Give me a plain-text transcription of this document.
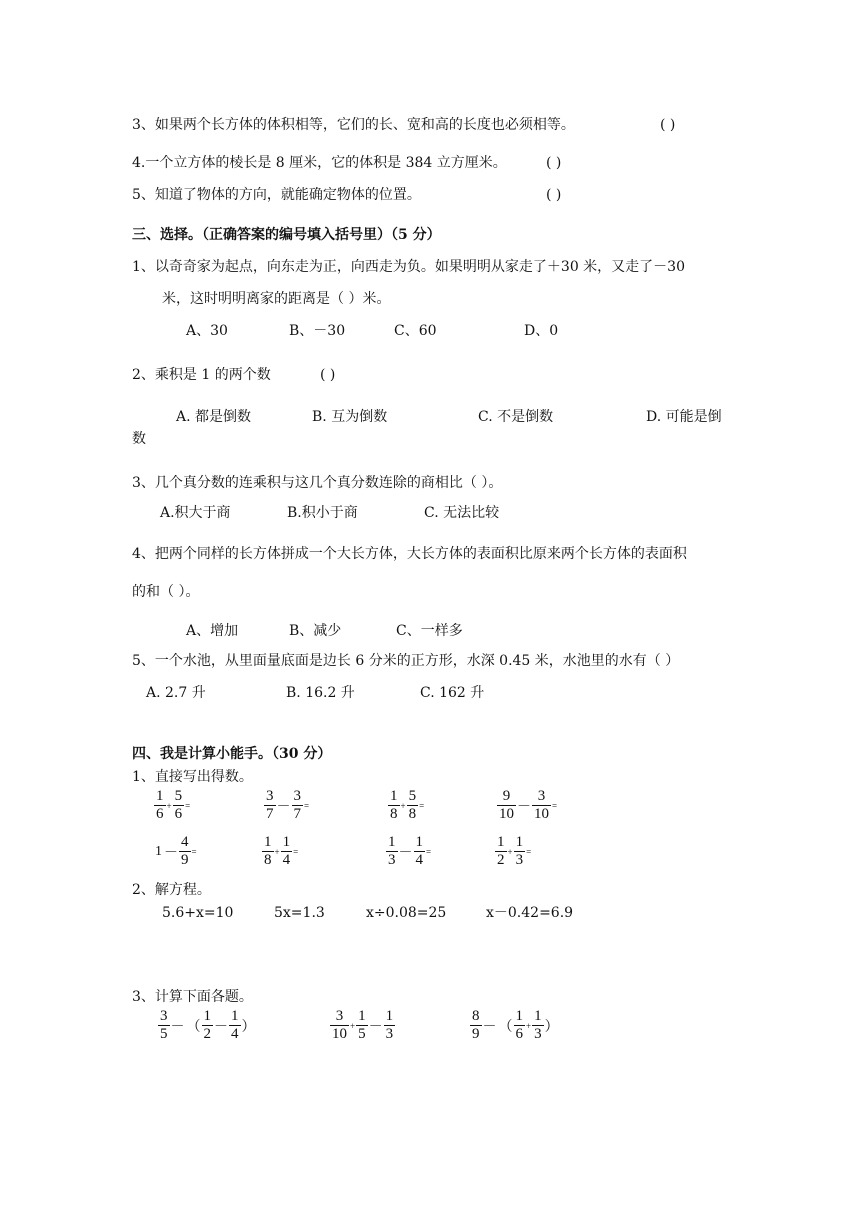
3、如果两个长方体的体积相等，它们的长、宽和高的长度也必须相等。	( )
4.一个立方体的棱长是 8 厘米，它的体积是 384 立方厘米。	( )
5、知道了物体的方向，就能确定物体的位置。	( )
三、选择。（正确答案的编号填入括号里）（5 分）
1、以奇奇家为起点，向东走为正，向西走为负。如果明明从家走了＋30 米，又走了－30
米，这时明明离家的距离是（ ）米。
A、30	B、－30	C、60	D、0
2、乘积是 1 的两个数	( )
A. 都是倒数	B. 互为倒数	C. 不是倒数	D. 可能是倒
数
3、几个真分数的连乘积与这几个真分数连除的商相比（ ）。
A.积大于商	B.积小于商	C. 无法比较
4、把两个同样的长方体拼成一个大长方体，大长方体的表面积比原来两个长方体的表面积
的和（ ）。
A、增加	B、减少	C、一样多
5、一个水池，从里面量底面是边长 6 分米的正方形，水深 0.45 米，水池里的水有（ ）
A. 2.7 升	B. 16.2 升	C. 162 升
四、我是计算小能手。（30 分）
1、直接写出得数。
$\frac{1}{6} + \frac{5}{6}$ =	$\frac{3}{7} - \frac{3}{7}$ =	$\frac{1}{8} + \frac{5}{8}$ =	$\frac{9}{10} - \frac{3}{10}$ =
$1 - \frac{4}{9}$ =	$\frac{1}{8} + \frac{1}{4}$ =	$\frac{1}{3} - \frac{1}{4}$ =	$\frac{1}{2} + \frac{1}{3}$ =
2、解方程。
5.6+x=10	5x=1.3	x÷0.08=25	x－0.42=6.9
3、计算下面各题。
$\frac{3}{5}$ － （ $\frac{1}{2} - \frac{1}{4}$ ）	$\frac{3}{10} + \frac{1}{5} - \frac{1}{3}$	$\frac{8}{9}$ － （ $\frac{1}{6} + \frac{1}{3}$ ）
